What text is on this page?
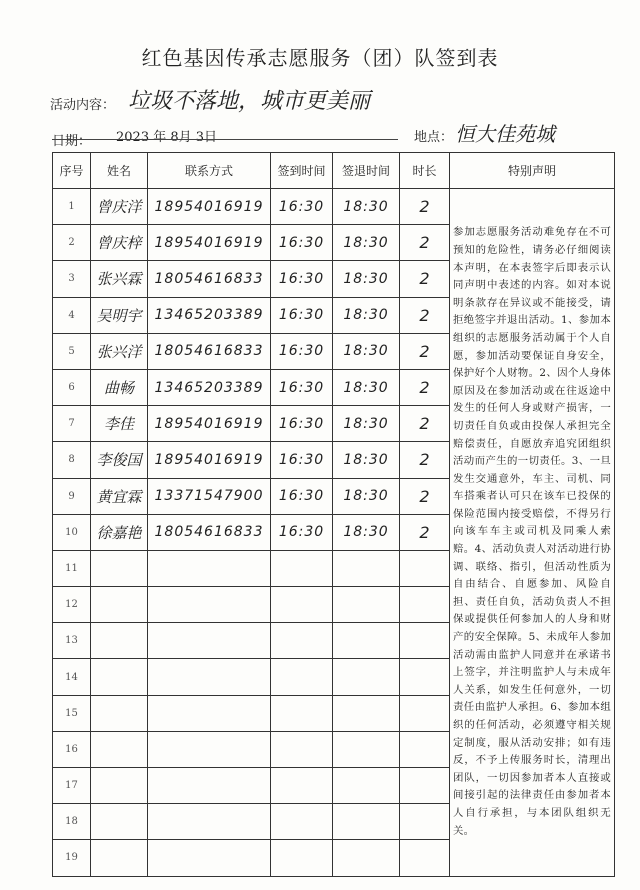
红色基因传承志愿服务（团）队签到表
活动内容： 垃圾不落地，城市更美丽
日期： 2023 年 8月 3日	地点： 恒大佳苑城
序号	姓名	联系方式	签到时间	签退时间	时长	特别声明
1	曾庆洋	18954016919	16:30	18:30	2	参加志愿服务活动难免存在不可预知的危险性，请务必仔细阅读本声明，在本表签字后即表示认同声明中表述的内容。如对本说明条款存在异议或不能接受，请拒绝签字并退出活动。1、参加本组织的志愿服务活动属于个人自愿，参加活动要保证自身安全，保护好个人财物。2、因个人身体原因及在参加活动或在往返途中发生的任何人身或财产损害，一切责任自负或由投保人承担完全赔偿责任，自愿放弃追究团组织活动而产生的一切责任。3、一旦发生交通意外，车主、司机、同车搭乘者认可只在该车已投保的保险范围内接受赔偿，不得另行向该车车主或司机及同乘人索赔。4、活动负责人对活动进行协调、联络、指引，但活动性质为自由结合、自愿参加、风险自担、责任自负，活动负责人不担保或提供任何参加人的人身和财产的安全保障。5、未成年人参加活动需由监护人同意并在承诺书上签字，并注明监护人与未成年人关系，如发生任何意外，一切责任由监护人承担。6、参加本组织的任何活动，必须遵守相关规定制度，服从活动安排；如有违反，不予上传服务时长，清理出团队，一切因参加者本人直接或间接引起的法律责任由参加者本人自行承担，与本团队组织无关。
2	曾庆梓	18954016919	16:30	18:30	2	
3	张兴霖	18054616833	16:30	18:30	2	
4	吴明宇	13465203389	16:30	18:30	2	
5	张兴洋	18054616833	16:30	18:30	2	
6	曲畅	13465203389	16:30	18:30	2	
7	李佳	18954016919	16:30	18:30	2	
8	李俊国	18954016919	16:30	18:30	2	
9	黄宜霖	13371547900	16:30	18:30	2	
10	徐嘉艳	18054616833	16:30	18:30	2	
11						
12						
13						
14						
15						
16						
17						
18						
19						
